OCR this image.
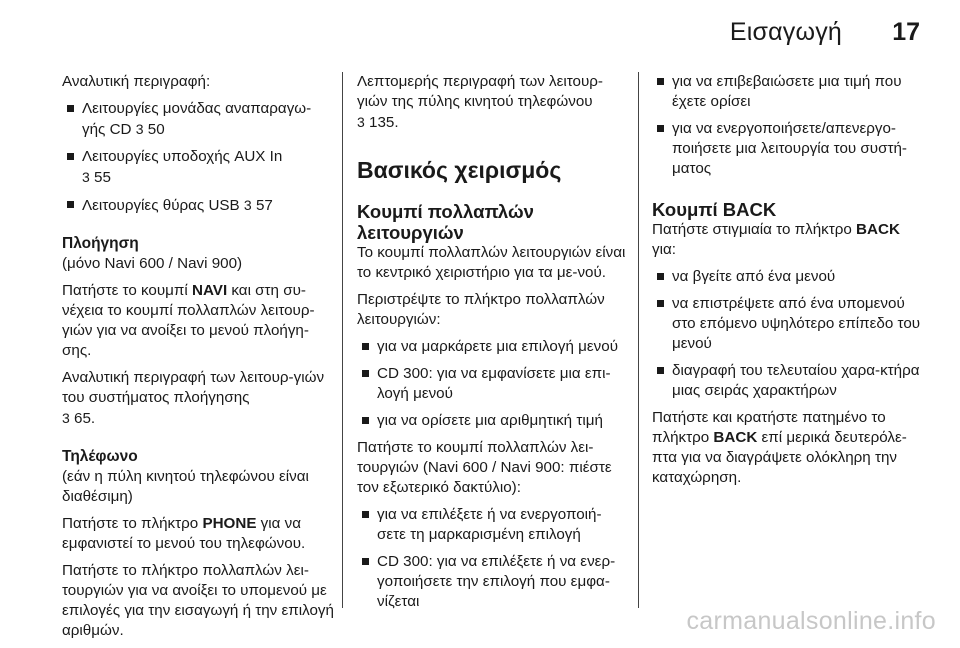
Εισαγωγή 17

Αναλυτική περιγραφή:

Λειτουργίες μονάδας αναπαραγω-γής CD 3 50
Λειτουργίες υποδοχής AUX In
3 55
Λειτουργίες θύρας USB 3 57

Πλοήγηση

(μόνο Navi 600 / Navi 900)

Πατήστε το κουμπί NAVI και στη συ-νέχεια το κουμπί πολλαπλών λειτουρ-γιών για να ανοίξει το μενού πλοήγη-σης.

Αναλυτική περιγραφή των λειτουρ-γιών του συστήματος πλοήγησης
3 65.

Τηλέφωνο

(εάν η πύλη κινητού τηλεφώνου είναι διαθέσιμη)

Πατήστε το πλήκτρο PHONE για να εμφανιστεί το μενού του τηλεφώνου.

Πατήστε το πλήκτρο πολλαπλών λει-τουργιών για να ανοίξει το υπομενού με επιλογές για την εισαγωγή ή την επιλογή αριθμών.

Λεπτομερής περιγραφή των λειτουρ-γιών της πύλης κινητού τηλεφώνου
3 135.

Βασικός χειρισμός
Κουμπί πολλαπλών λειτουργιών

Το κουμπί πολλαπλών λειτουργιών είναι το κεντρικό χειριστήριο για τα με-νού.

Περιστρέψτε το πλήκτρο πολλαπλών λειτουργιών:

για να μαρκάρετε μια επιλογή μενού
CD 300: για να εμφανίσετε μια επι-λογή μενού
για να ορίσετε μια αριθμητική τιμή

Πατήστε το κουμπί πολλαπλών λει-τουργιών (Navi 600 / Navi 900: πιέστε τον εξωτερικό δακτύλιο):

για να επιλέξετε ή να ενεργοποιή-σετε τη μαρκαρισμένη επιλογή
CD 300: για να επιλέξετε ή να ενερ-γοποιήσετε την επιλογή που εμφα-νίζεται
για να επιβεβαιώσετε μια τιμή που έχετε ορίσει
για να ενεργοποιήσετε/απενεργο-ποιήσετε μια λειτουργία του συστή-ματος
Κουμπί BACK

Πατήστε στιγμιαία το πλήκτρο BACK για:

να βγείτε από ένα μενού
να επιστρέψετε από ένα υπομενού στο επόμενο υψηλότερο επίπεδο του μενού
διαγραφή του τελευταίου χαρα-κτήρα μιας σειράς χαρακτήρων

Πατήστε και κρατήστε πατημένο το πλήκτρο BACK επί μερικά δευτερόλε-πτα για να διαγράψετε ολόκληρη την καταχώρηση.

carmanualsonline.info
